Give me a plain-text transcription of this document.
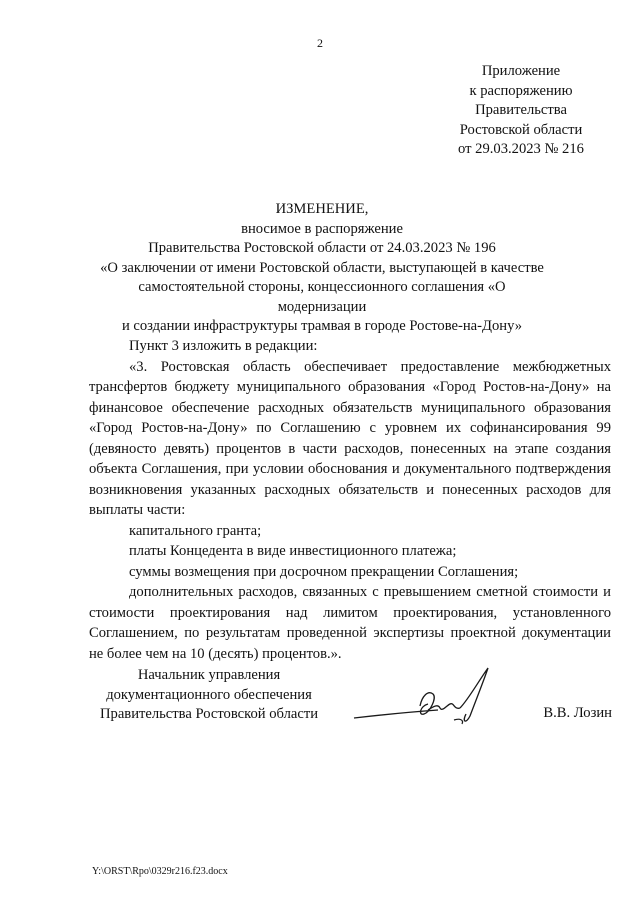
2
Приложение
к распоряжению
Правительства
Ростовской области
от 29.03.2023 № 216
ИЗМЕНЕНИЕ,
вносимое в распоряжение
Правительства Ростовской области от 24.03.2023 № 196
«О заключении от имени Ростовской области, выступающей в качестве
самостоятельной стороны, концессионного соглашения «О модернизации
и создании инфраструктуры трамвая в городе Ростове-на-Дону»

Пункт 3 изложить в редакции:

«3. Ростовская область обеспечивает предоставление межбюджетных трансфертов бюджету муниципального образования «Город Ростов-на-Дону» на финансовое обеспечение расходных обязательств муниципального образования «Город Ростов-на-Дону» по Соглашению с уровнем их софинансирования 99 (девяносто девять) процентов в части расходов, понесенных на этапе создания объекта Соглашения, при условии обоснования и документального подтверждения возникновения указанных расходных обязательств и понесенных расходов для выплаты части:

капитального гранта;

платы Концедента в виде инвестиционного платежа;

суммы возмещения при досрочном прекращении Соглашения;

дополнительных расходов, связанных с превышением сметной стоимости и стоимости проектирования над лимитом проектирования, установленного Соглашением, по результатам проведенной экспертизы проектной документации не более чем на 10 (десять) процентов.».

Начальник управления
документационного обеспечения
Правительства Ростовской области	В.В. Лозин
Y:\ORST\Rpo\0329r216.f23.docx
